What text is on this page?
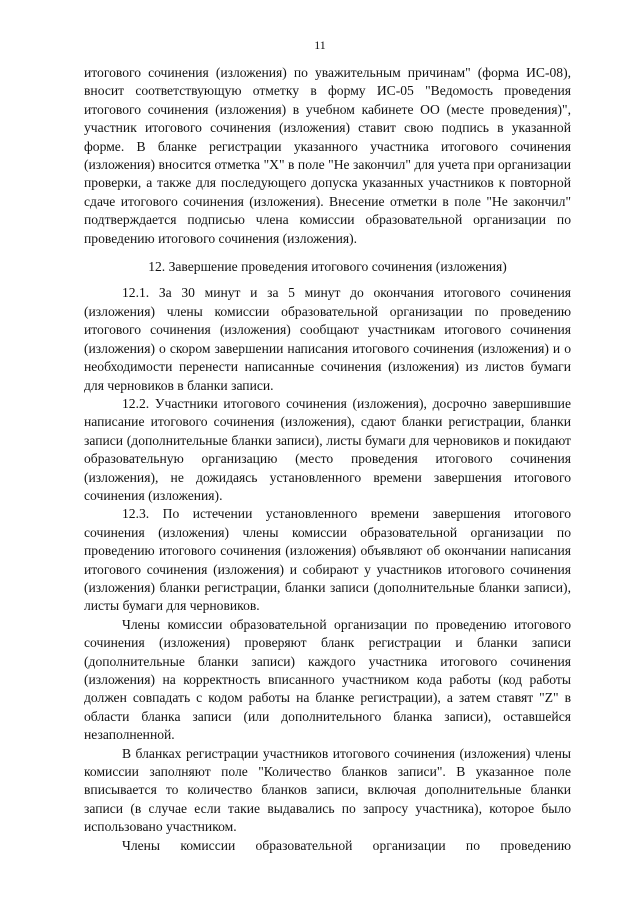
11

итогового сочинения (изложения) по уважительным причинам" (форма ИС-08), вносит соответствующую отметку в форму ИС-05 "Ведомость проведения итогового сочинения (изложения) в учебном кабинете ОО (месте проведения)", участник итогового сочинения (изложения) ставит свою подпись в указанной форме. В бланке регистрации указанного участника итогового сочинения (изложения) вносится отметка "X" в поле "Не закончил" для учета при организации проверки, а также для последующего допуска указанных участников к повторной сдаче итогового сочинения (изложения). Внесение отметки в поле "Не закончил" подтверждается подписью члена комиссии образовательной организации по проведению итогового сочинения (изложения).

12. Завершение проведения итогового сочинения (изложения)

12.1. За 30 минут и за 5 минут до окончания итогового сочинения (изложения) члены комиссии образовательной организации по проведению итогового сочинения (изложения) сообщают участникам итогового сочинения (изложения) о скором завершении написания итогового сочинения (изложения) и о необходимости перенести написанные сочинения (изложения) из листов бумаги для черновиков в бланки записи.

12.2. Участники итогового сочинения (изложения), досрочно завершившие написание итогового сочинения (изложения), сдают бланки регистрации, бланки записи (дополнительные бланки записи), листы бумаги для черновиков и покидают образовательную организацию (место проведения итогового сочинения (изложения), не дожидаясь установленного времени завершения итогового сочинения (изложения).

12.3. По истечении установленного времени завершения итогового сочинения (изложения) члены комиссии образовательной организации по проведению итогового сочинения (изложения) объявляют об окончании написания итогового сочинения (изложения) и собирают у участников итогового сочинения (изложения) бланки регистрации, бланки записи (дополнительные бланки записи), листы бумаги для черновиков.

Члены комиссии образовательной организации по проведению итогового сочинения (изложения) проверяют бланк регистрации и бланки записи (дополнительные бланки записи) каждого участника итогового сочинения (изложения) на корректность вписанного участником кода работы (код работы должен совпадать с кодом работы на бланке регистрации), а затем ставят "Z" в области бланка записи (или дополнительного бланка записи), оставшейся незаполненной.

В бланках регистрации участников итогового сочинения (изложения) члены комиссии заполняют поле "Количество бланков записи". В указанное поле вписывается то количество бланков записи, включая дополнительные бланки записи (в случае если такие выдавались по запросу участника), которое было использовано участником.

Члены комиссии образовательной организации по проведению
